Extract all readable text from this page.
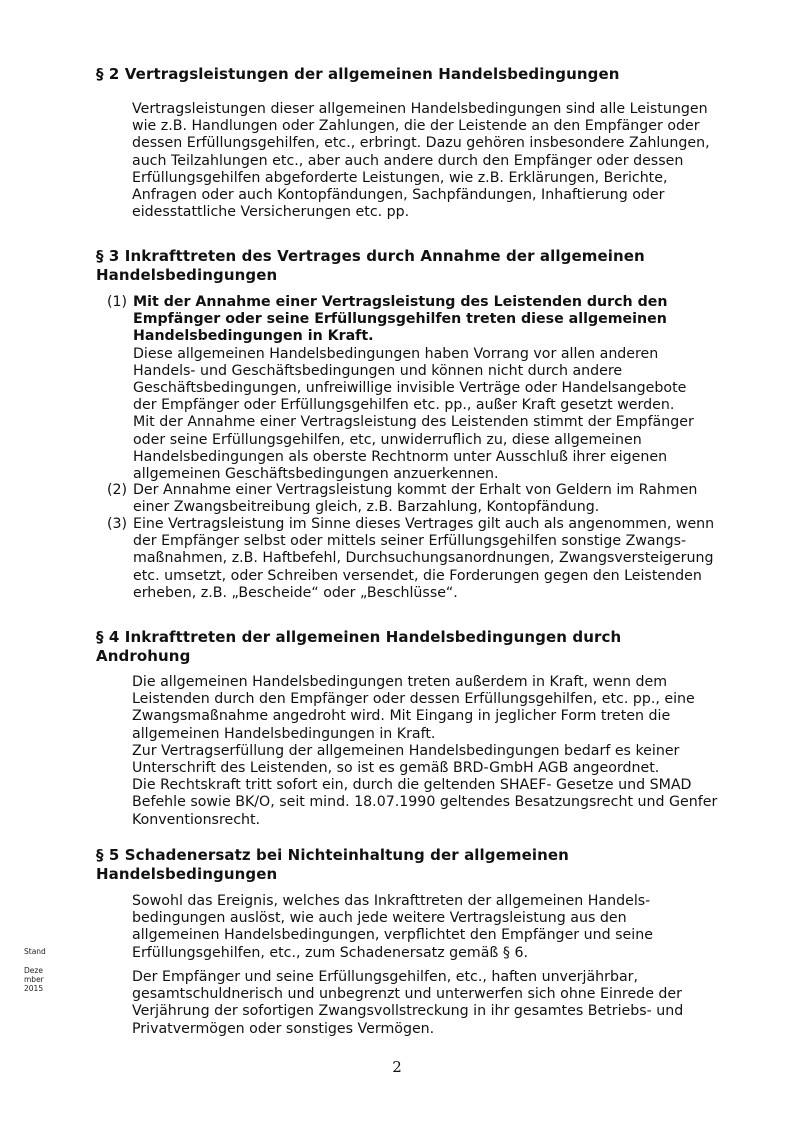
§ 2 Vertragsleistungen der allgemeinen Handelsbedingungen

Vertragsleistungen dieser allgemeinen Handelsbedingungen sind alle Leistungen
wie z.B. Handlungen oder Zahlungen, die der Leistende an den Empfänger oder
dessen Erfüllungsgehilfen, etc., erbringt. Dazu gehören insbesondere Zahlungen,
auch Teilzahlungen etc., aber auch andere durch den Empfänger oder dessen
Erfüllungsgehilfen abgeforderte Leistungen, wie z.B. Erklärungen, Berichte,
Anfragen oder auch Kontopfändungen, Sachpfändungen, Inhaftierung oder
eidesstattliche Versicherungen etc. pp.

§ 3 Inkrafttreten des Vertrages durch Annahme der allgemeinen
Handelsbedingungen
(1) Mit der Annahme einer Vertragsleistung des Leistenden durch den
Empfänger oder seine Erfüllungsgehilfen treten diese allgemeinen
Handelsbedingungen in Kraft.
Diese allgemeinen Handelsbedingungen haben Vorrang vor allen anderen
Handels- und Geschäftsbedingungen und können nicht durch andere
Geschäftsbedingungen, unfreiwillige invisible Verträge oder Handelsangebote
der Empfänger oder Erfüllungsgehilfen etc. pp., außer Kraft gesetzt werden.
Mit der Annahme einer Vertragsleistung des Leistenden stimmt der Empfänger
oder seine Erfüllungsgehilfen, etc, unwiderruflich zu, diese allgemeinen
Handelsbedingungen als oberste Rechtnorm unter Ausschluß ihrer eigenen
allgemeinen Geschäftsbedingungen anzuerkennen.
(2) Der Annahme einer Vertragsleistung kommt der Erhalt von Geldern im Rahmen
einer Zwangsbeitreibung gleich, z.B. Barzahlung, Kontopfändung.
(3) Eine Vertragsleistung im Sinne dieses Vertrages gilt auch als angenommen, wenn
der Empfänger selbst oder mittels seiner Erfüllungsgehilfen sonstige Zwangs-
maßnahmen, z.B. Haftbefehl, Durchsuchungsanordnungen, Zwangsversteigerung
etc. umsetzt, oder Schreiben versendet, die Forderungen gegen den Leistenden
erheben, z.B. „Bescheide“ oder „Beschlüsse“.
§ 4 Inkrafttreten der allgemeinen Handelsbedingungen durch
Androhung

Die allgemeinen Handelsbedingungen treten außerdem in Kraft, wenn dem
Leistenden durch den Empfänger oder dessen Erfüllungsgehilfen, etc. pp., eine
Zwangsmaßnahme angedroht wird. Mit Eingang in jeglicher Form treten die
allgemeinen Handelsbedingungen in Kraft.
Zur Vertragserfüllung der allgemeinen Handelsbedingungen bedarf es keiner
Unterschrift des Leistenden, so ist es gemäß BRD-GmbH AGB angeordnet.
Die Rechtskraft tritt sofort ein, durch die geltenden SHAEF- Gesetze und SMAD
Befehle sowie BK/O, seit mind. 18.07.1990 geltendes Besatzungsrecht und Genfer
Konventionsrecht.

§ 5 Schadenersatz bei Nichteinhaltung der allgemeinen
Handelsbedingungen

Sowohl das Ereignis, welches das Inkrafttreten der allgemeinen Handels-
bedingungen auslöst, wie auch jede weitere Vertragsleistung aus den
allgemeinen Handelsbedingungen, verpflichtet den Empfänger und seine
Erfüllungsgehilfen, etc., zum Schadenersatz gemäß § 6.

Der Empfänger und seine Erfüllungsgehilfen, etc., haften unverjährbar,
gesamtschuldnerisch und unbegrenzt und unterwerfen sich ohne Einrede der
Verjährung der sofortigen Zwangsvollstreckung in ihr gesamtes Betriebs- und
Privatvermögen oder sonstiges Vermögen.

Stand
Deze
mber
2015
2
